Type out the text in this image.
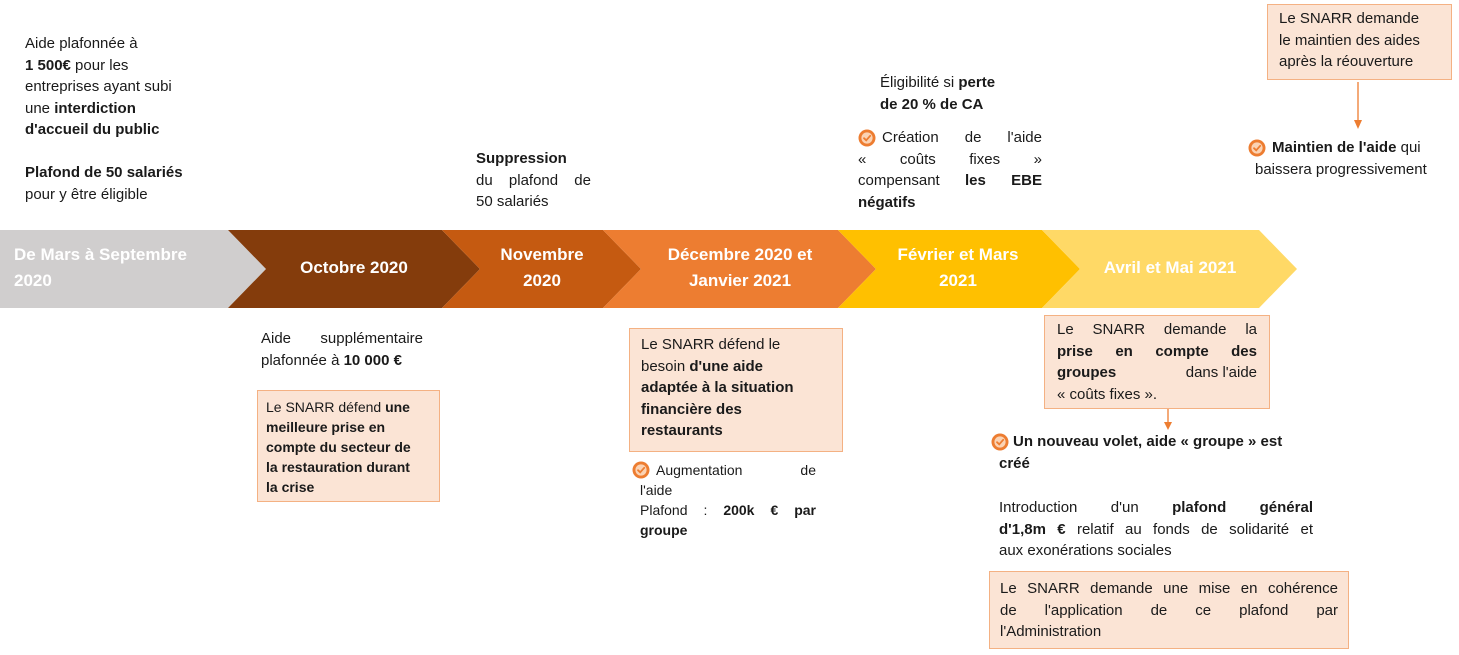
De Mars à Septembre 2020
Octobre 2020
Novembre 2020
Décembre 2020 et Janvier 2021
Février et Mars 2021
Avril et Mai 2021
Aide plafonnée à
1 500€ pour les
entreprises ayant subi
une interdiction
d'accueil du public
Plafond de 50 salariés
pour y être éligible
Aide supplémentaire
plafonnée à 10 000 €
Le SNARR défend une
meilleure prise en
compte du secteur de
la restauration durant
la crise
Suppression
du plafond de
50 salariés
Le SNARR défend le
besoin d'une aide
adaptée à la situation
financière des
restaurants
Augmentation de
l'aide
Plafond : 200k € par
groupe
Éligibilité si perte
de 20 % de CA
Création de l'aide
« coûts fixes »
compensant les EBE
négatifs
Le SNARR demande la
prise en compte des
groupes	dans l'aide
« coûts fixes ».
Un nouveau volet, aide « groupe » est
créé
Introduction d'un plafond général
d'1,8m € relatif au fonds de solidarité et
aux exonérations sociales
Le SNARR demande une mise en cohérence
de l'application de ce plafond par
l'Administration
Le SNARR demande
le maintien des aides
après la réouverture
Maintien de l'aide qui
baissera progressivement
